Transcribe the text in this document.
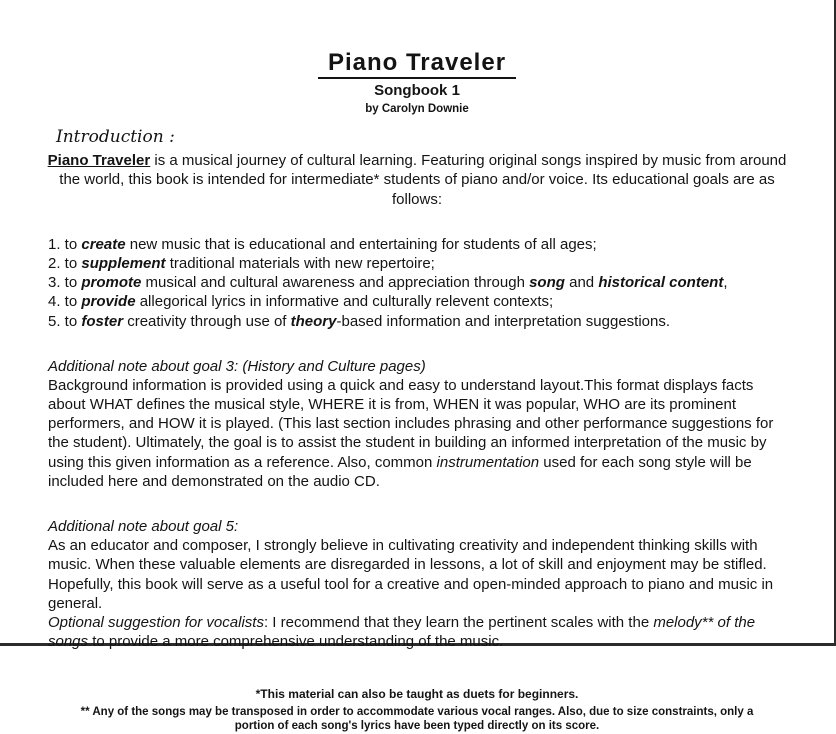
Piano Traveler
Songbook 1
by Carolyn Downie
Introduction :
Piano Traveler is a musical journey of cultural learning. Featuring original songs inspired by music from around the world, this book is intended for intermediate* students of piano and/or voice. Its educational goals are as follows:
1. to create new music that is educational and entertaining for students of all ages;
2. to supplement traditional materials with new repertoire;
3. to promote musical and cultural awareness and appreciation through song and historical content,
4. to provide allegorical lyrics in informative and culturally relevent contexts;
5. to foster creativity through use of theory-based information and interpretation suggestions.
Additional note about goal 3: (History and Culture pages)
Background information is provided using a quick and easy to understand layout.This format displays facts about WHAT defines the musical style, WHERE it is from, WHEN it was popular, WHO are its prominent performers, and HOW it is played. (This last section includes phrasing and other performance suggestions for the student). Ultimately, the goal is to assist the student in building an informed interpretation of the music by using this given information as a reference. Also, common instrumentation used for each song style will be included here and demonstrated on the audio CD.
Additional note about goal 5:
As an educator and composer, I strongly believe in cultivating creativity and independent thinking skills with music. When these valuable elements are disregarded in lessons, a lot of skill and enjoyment may be stifled. Hopefully, this book will serve as a useful tool for a creative and open-minded approach to piano and music in general.
Optional suggestion for vocalists: I recommend that they learn the pertinent scales with the melody** of the songs to provide a more comprehensive understanding of the music.
*This material can also be taught as duets for beginners.
** Any of the songs may be transposed in order to accommodate various vocal ranges. Also, due to size constraints, only a portion of each song's lyrics have been typed directly on its score.
